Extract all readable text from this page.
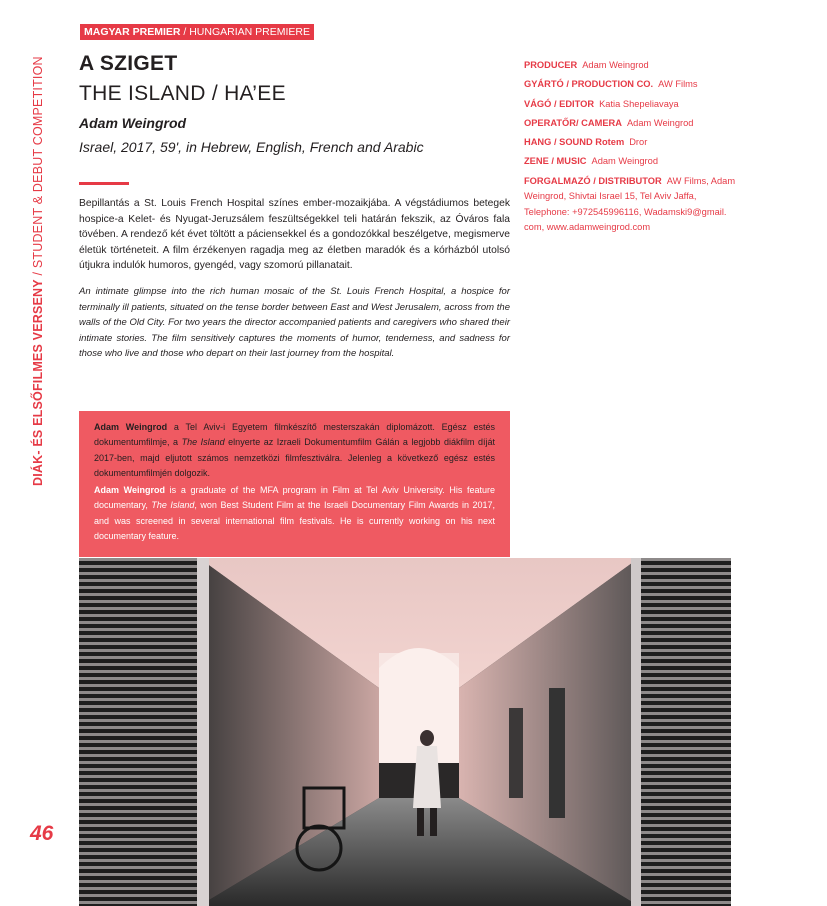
DIÁK- ÉS ELSŐFILMES VERSENY / STUDENT & DEBUT COMPETITION
46
MAGYAR PREMIER / HUNGARIAN PREMIERE
A SZIGET
THE ISLAND / HA’EE
Adam Weingrod
Israel, 2017, 59', in Hebrew, English, French and Arabic
Bepillantás a St. Louis French Hospital színes ember-mozaikjába. A végstádiumos betegek hospice-a Kelet- és Nyugat-Jeruzsálem feszültségekkel teli határán fekszik, az Óváros fala tövében. A rendező két évet töltött a páciensekkel és a gondozókkal beszélgetve, megismerve életük történeteit. A film érzékenyen ragadja meg az életben maradók és a kórházból utolsó útjukra indulók humoros, gyengéd, vagy szomorú pillanatait.
An intimate glimpse into the rich human mosaic of the St. Louis French Hospital, a hospice for terminally ill patients, situated on the tense border between East and West Jerusalem, across from the walls of the Old City. For two years the director accompanied patients and caregivers who shared their intimate stories. The film sensitively captures the moments of humor, tenderness, and sadness for those who live and those who depart on their last journey from the hospital.
PRODUCER Adam Weingrod
GYÁRTÓ / PRODUCTION CO. AW Films
VÁGÓ / EDITOR Katia Shepeliavaya
OPERATŐR/ CAMERA Adam Weingrod
HANG / SOUND Rotem Dror
ZENE / MUSIC Adam Weingrod
FORGALMAZÓ / DISTRIBUTOR AW Films, Adam Weingrod, Shivtai Israel 15, Tel Aviv Jaffa, Telephone: +972545996116, Wadamski9@gmail. com, www.adamweingrod.com
Adam Weingrod a Tel Aviv-i Egyetem filmkészítő mesterszakán diplomázott. Egész estés dokumentumfilmje, a The Island elnyerte az Izraeli Dokumentumfilm Gálán a legjobb diákfilm díját 2017-ben, majd eljutott számos nemzetközi filmfesztiválra. Jelenleg a következő egész estés dokumentumfilmjén dolgozik.
Adam Weingrod is a graduate of the MFA program in Film at Tel Aviv University. His feature documentary, The Island, won Best Student Film at the Israeli Documentary Film Awards in 2017, and was screened in several international film festivals. He is currently working on his next documentary feature.
